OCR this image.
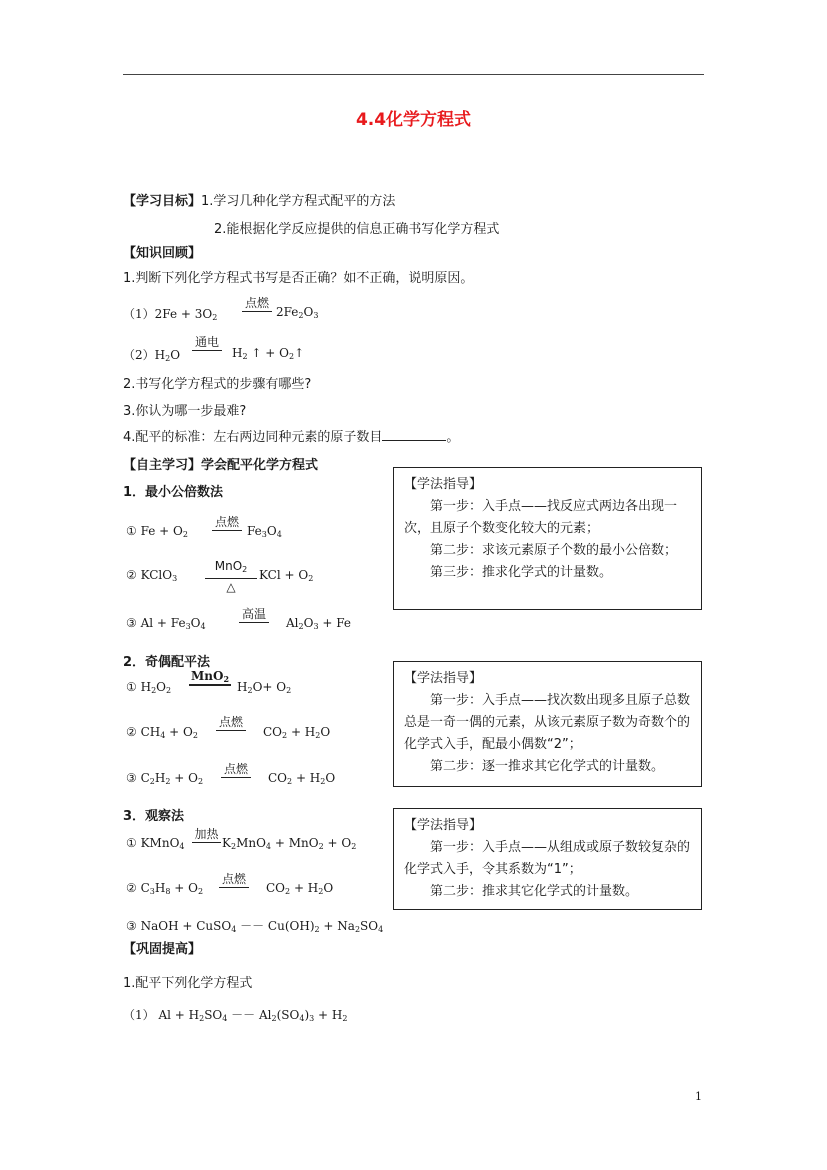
4.4化学方程式
【学习目标】1.学习几种化学方程式配平的方法
2.能根据化学反应提供的信息正确书写化学方程式
【知识回顾】
1.判断下列化学方程式书写是否正确？如不正确，说明原因。
$(1)2Fe + 3O_2$
点燃
$2Fe_2O_3$
$(2)H_2O$
通电
$H_2$ ↑ + $O_2↑$
2.书写化学方程式的步骤有哪些?
3.你认为哪一步最难?
4.配平的标准：左右两边同种元素的原子数目	。
【自主学习】学会配平化学方程式
1．最小公倍数法
① $Fe + O_2$
点燃
$Fe_3O_4$
② KClO$_3$
MnO$_2$
△
KCl + $O_2$
③ $Al + Fe_3O_4$
高温
$Al_2O_3 + Fe$
【学法指导】
第一步：入手点——找反应式两边各出现一次，且原子个数变化较大的元素；
第二步：求该元素原子个数的最小公倍数；
第三步：推求化学式的计量数。
2．奇偶配平法
① $H_2O_2$
MnO$_2$
$H_2O+ O_2$
② $CH_4 + O_2$
点燃
$CO_2 + H_2O$
③ $C_2H_2 + O_2$
点燃
$CO_2 + H_2O$
【学法指导】
第一步：入手点——找次数出现多且原子总数总是一奇一偶的元素，从该元素原子数为奇数个的化学式入手，配最小偶数“2”；
第二步：逐一推求其它化学式的计量数。
3．观察法
① KMnO$_4$
加热
$K_2MnO_4 + MnO_2 + O_2$
② $C_3H_8 + O_2$
点燃
$CO_2 + H_2O$
③ NaOH + CuSO$_4$ －－ $Cu(OH)_2 + Na_2SO_4$
【学法指导】
第一步：入手点——从组成或原子数较复杂的化学式入手，令其系数为“1”；
第二步：推求其它化学式的计量数。
【巩固提高】
1.配平下列化学方程式
（1） $Al + H_2SO_4 -- Al_2(SO_4)_3 + H_2$
1
